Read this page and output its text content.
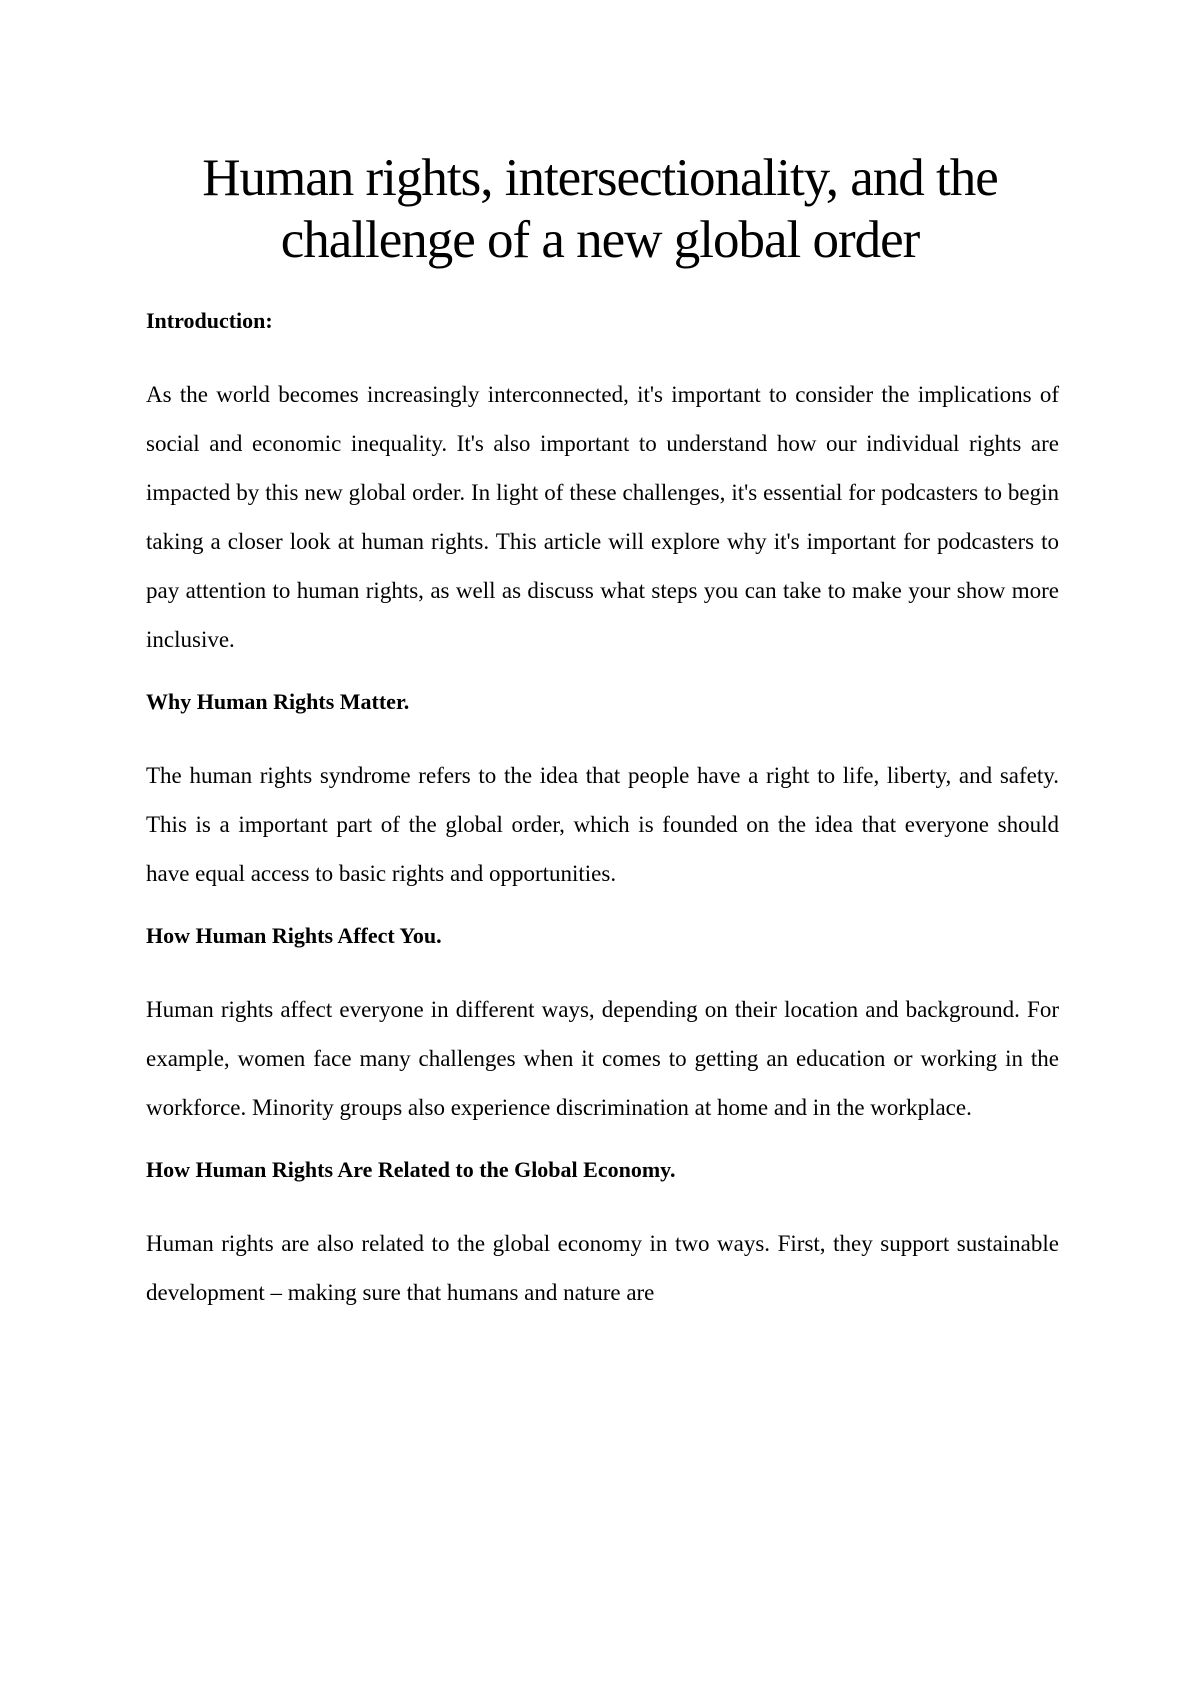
Human rights, intersectionality, and the
challenge of a new global order

Introduction:

As the world becomes increasingly interconnected, it's important to consider the implications of social and economic inequality. It's also important to understand how our individual rights are impacted by this new global order. In light of these challenges, it's essential for podcasters to begin taking a closer look at human rights. This article will explore why it's important for podcasters to pay attention to human rights, as well as discuss what steps you can take to make your show more inclusive.

Why Human Rights Matter.

The human rights syndrome refers to the idea that people have a right to life, liberty, and safety. This is a important part of the global order, which is founded on the idea that everyone should have equal access to basic rights and opportunities.

How Human Rights Affect You.

Human rights affect everyone in different ways, depending on their location and background. For example, women face many challenges when it comes to getting an education or working in the workforce. Minority groups also experience discrimination at home and in the workplace.

How Human Rights Are Related to the Global Economy.

Human rights are also related to the global economy in two ways. First, they support sustainable development – making sure that humans and nature are
